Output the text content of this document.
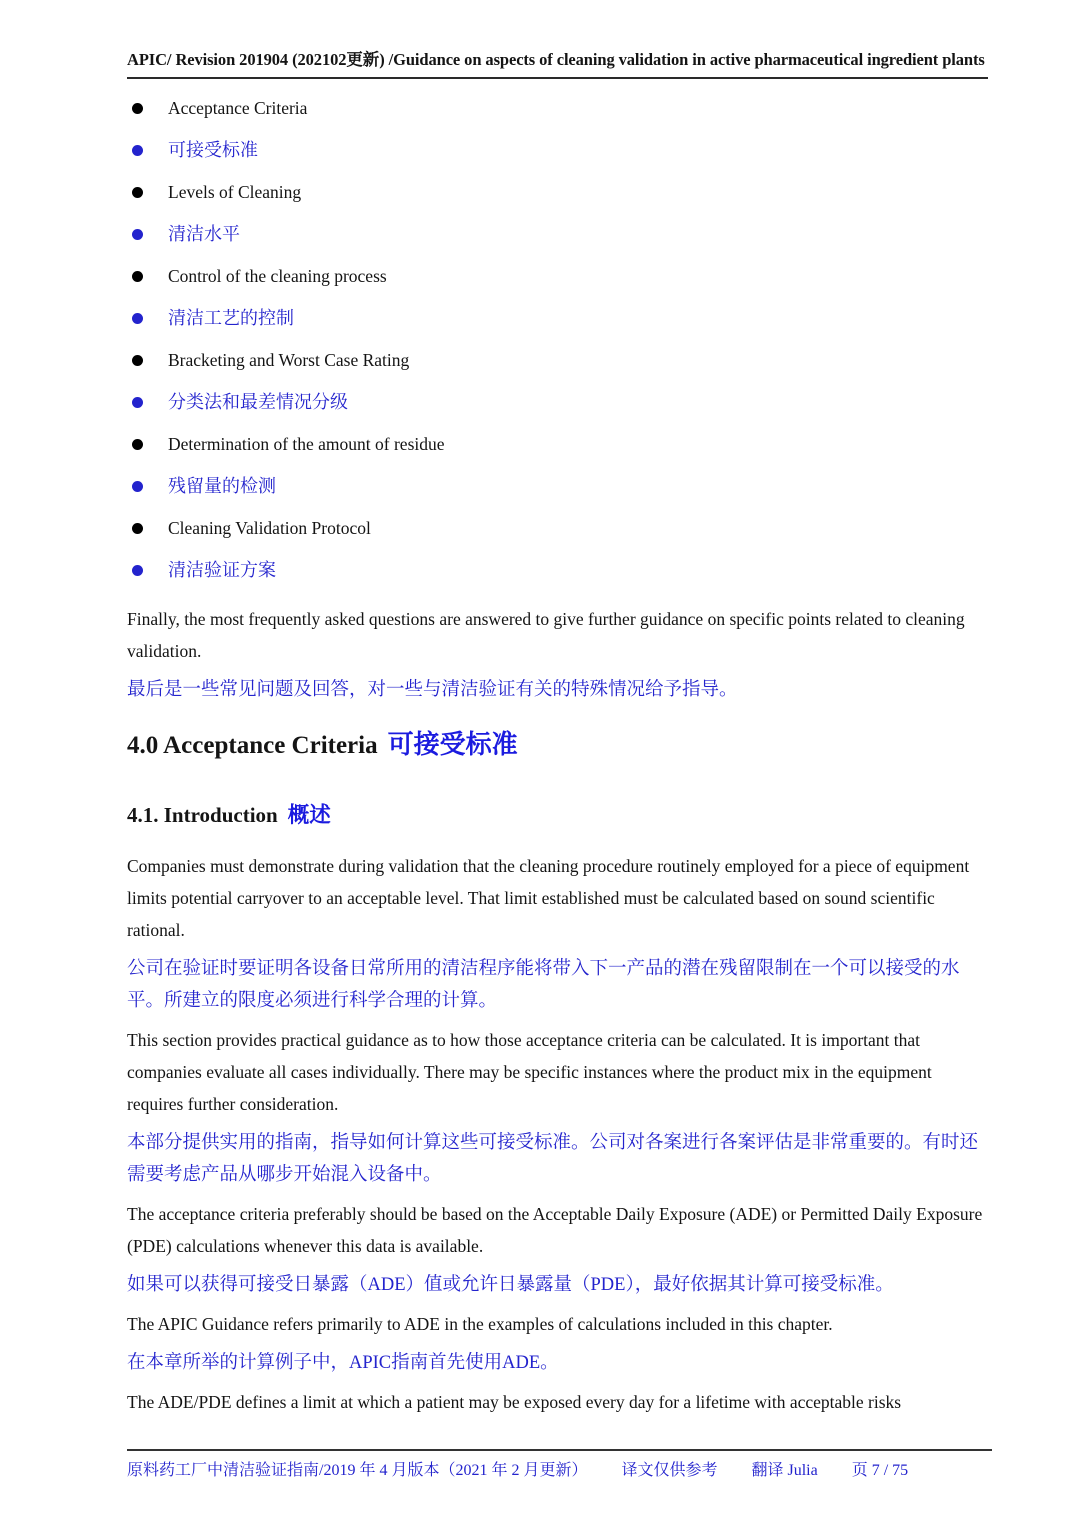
APIC/ Revision 201904 (202102更新) /Guidance on aspects of cleaning validation in active pharmaceutical ingredient plants
Acceptance Criteria
可接受标准
Levels of Cleaning
清洁水平
Control of the cleaning process
清洁工艺的控制
Bracketing and Worst Case Rating
分类法和最差情况分级
Determination of the amount of residue
残留量的检测
Cleaning Validation Protocol
清洁验证方案

Finally, the most frequently asked questions are answered to give further guidance on specific points related to cleaning validation.

最后是一些常见问题及回答，对一些与清洁验证有关的特殊情况给予指导。

4.0 Acceptance Criteria 可接受标准
4.1. Introduction 概述

Companies must demonstrate during validation that the cleaning procedure routinely employed for a piece of equipment limits potential carryover to an acceptable level. That limit established must be calculated based on sound scientific rational.

公司在验证时要证明各设备日常所用的清洁程序能将带入下一产品的潜在残留限制在一个可以接受的水平。所建立的限度必须进行科学合理的计算。

This section provides practical guidance as to how those acceptance criteria can be calculated. It is important that companies evaluate all cases individually. There may be specific instances where the product mix in the equipment requires further consideration.

本部分提供实用的指南，指导如何计算这些可接受标准。公司对各案进行各案评估是非常重要的。有时还需要考虑产品从哪步开始混入设备中。

The acceptance criteria preferably should be based on the Acceptable Daily Exposure (ADE) or Permitted Daily Exposure (PDE) calculations whenever this data is available.

如果可以获得可接受日暴露（ADE）值或允许日暴露量（PDE），最好依据其计算可接受标准。

The APIC Guidance refers primarily to ADE in the examples of calculations included in this chapter.

在本章所举的计算例子中，APIC指南首先使用ADE。

The ADE/PDE defines a limit at which a patient may be exposed every day for a lifetime with acceptable risks

原料药工厂中清洁验证指南/2019 年 4 月版本（2021 年 2 月更新） 译文仅供参考 翻译 Julia 页 7 / 75
